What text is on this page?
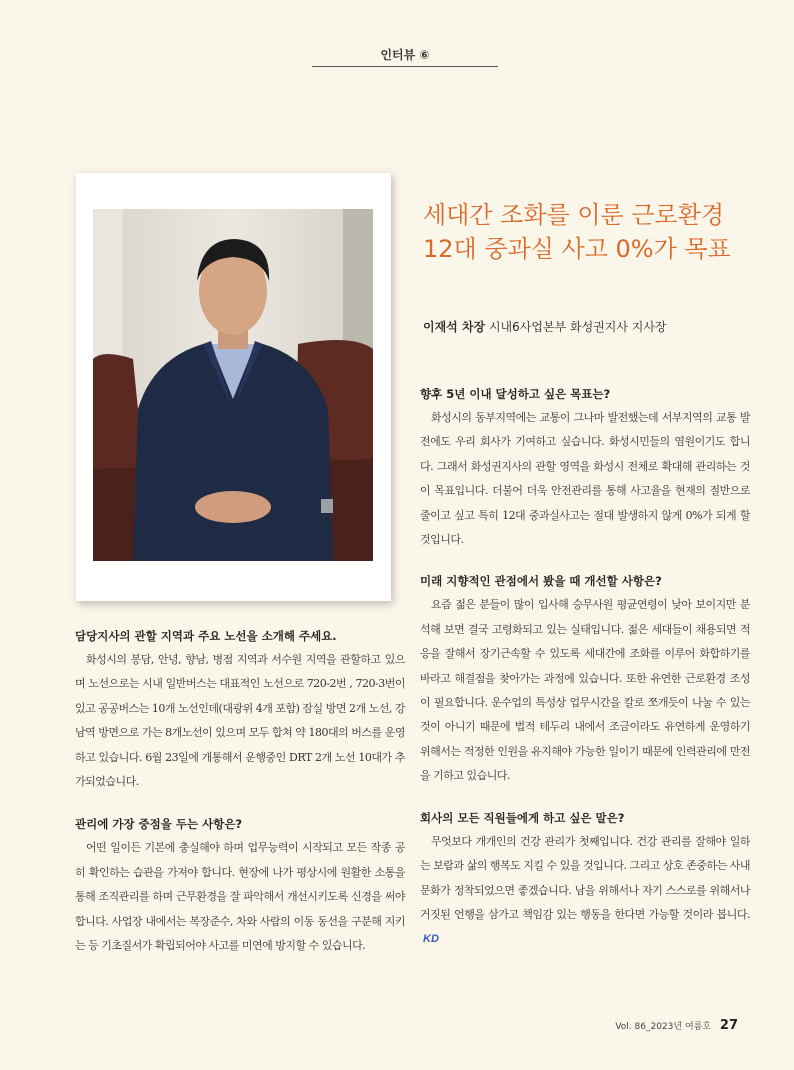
인터뷰 ⑥
세대간 조화를 이룬 근로환경
12대 중과실 사고 0%가 목표
이재석 차장 시내6사업본부 화성권지사 지사장

담당지사의 관할 지역과 주요 노선을 소개해 주세요.

화성시의 봉담, 안녕, 향남, 병점 지역과 서수원 지역을 관할하고 있으며 노선으로는 시내 일반버스는 대표적인 노선으로 720-2번 , 720-3번이 있고 공공버스는 10개 노선인데(대광위 4개 포함) 잠실 방면 2개 노선, 강남역 방면으로 가는 8개노선이 있으며 모두 합쳐 약 180대의 버스를 운영하고 있습니다. 6월 23일에 개통해서 운행중인 DRT 2개 노선 10대가 추가되었습니다.

관리에 가장 중점을 두는 사항은?

어떤 일이든 기본에 충실해야 하며 업무능력이 시작되고 모든 작종 공히 확인하는 습관을 가져야 합니다. 현장에 나가 평상시에 원활한 소통을 통해 조직관리를 하며 근무환경을 잘 파악해서 개선시키도록 신경을 써야 합니다. 사업장 내에서는 복장준수, 차와 사람의 이동 동선을 구분해 지키는 등 기초질서가 확립되어야 사고를 미연에 방지할 수 있습니다.

향후 5년 이내 달성하고 싶은 목표는?

화성시의 동부지역에는 교통이 그나마 발전했는데 서부지역의 교통 발전에도 우리 회사가 기여하고 싶습니다. 화성시민들의 염원이기도 합니다. 그래서 화성권지사의 관할 영역을 화성시 전체로 확대해 관리하는 것이 목표입니다. 더불어 더욱 안전관리를 통해 사고율을 현재의 절반으로 줄이고 싶고 특히 12대 중과실사고는 절대 발생하지 않게 0%가 되게 할 것입니다.

미래 지향적인 관점에서 봤을 때 개선할 사항은?

요즘 젊은 분들이 많이 입사해 승무사원 평균연령이 낮아 보이지만 분석해 보면 결국 고령화되고 있는 실태입니다. 젊은 세대들이 채용되면 적응을 잘해서 장기근속할 수 있도록 세대간에 조화를 이루어 화합하기를 바라고 해결점을 찾아가는 과정에 있습니다. 또한 유연한 근로환경 조성이 필요합니다. 운수업의 특성상 업무시간을 칼로 쪼개듯이 나눌 수 있는 것이 아니기 때문에 법적 테두리 내에서 조금이라도 유연하게 운영하기 위해서는 적정한 인원을 유지해야 가능한 일이기 때문에 인력관리에 만전을 기하고 있습니다.

회사의 모든 직원들에게 하고 싶은 말은?

무엇보다 개개인의 건강 관리가 첫째입니다. 건강 관리를 잘해야 일하는 보람과 삶의 행복도 지킬 수 있을 것입니다. 그리고 상호 존중하는 사내 문화가 정착되었으면 좋겠습니다. 남을 위해서나 자기 스스로를 위해서나 거짓된 언행을 삼가고 책임감 있는 행동을 한다면 가능할 것이라 봅니다.KD

Vol. 86_2023년 여름호 27
